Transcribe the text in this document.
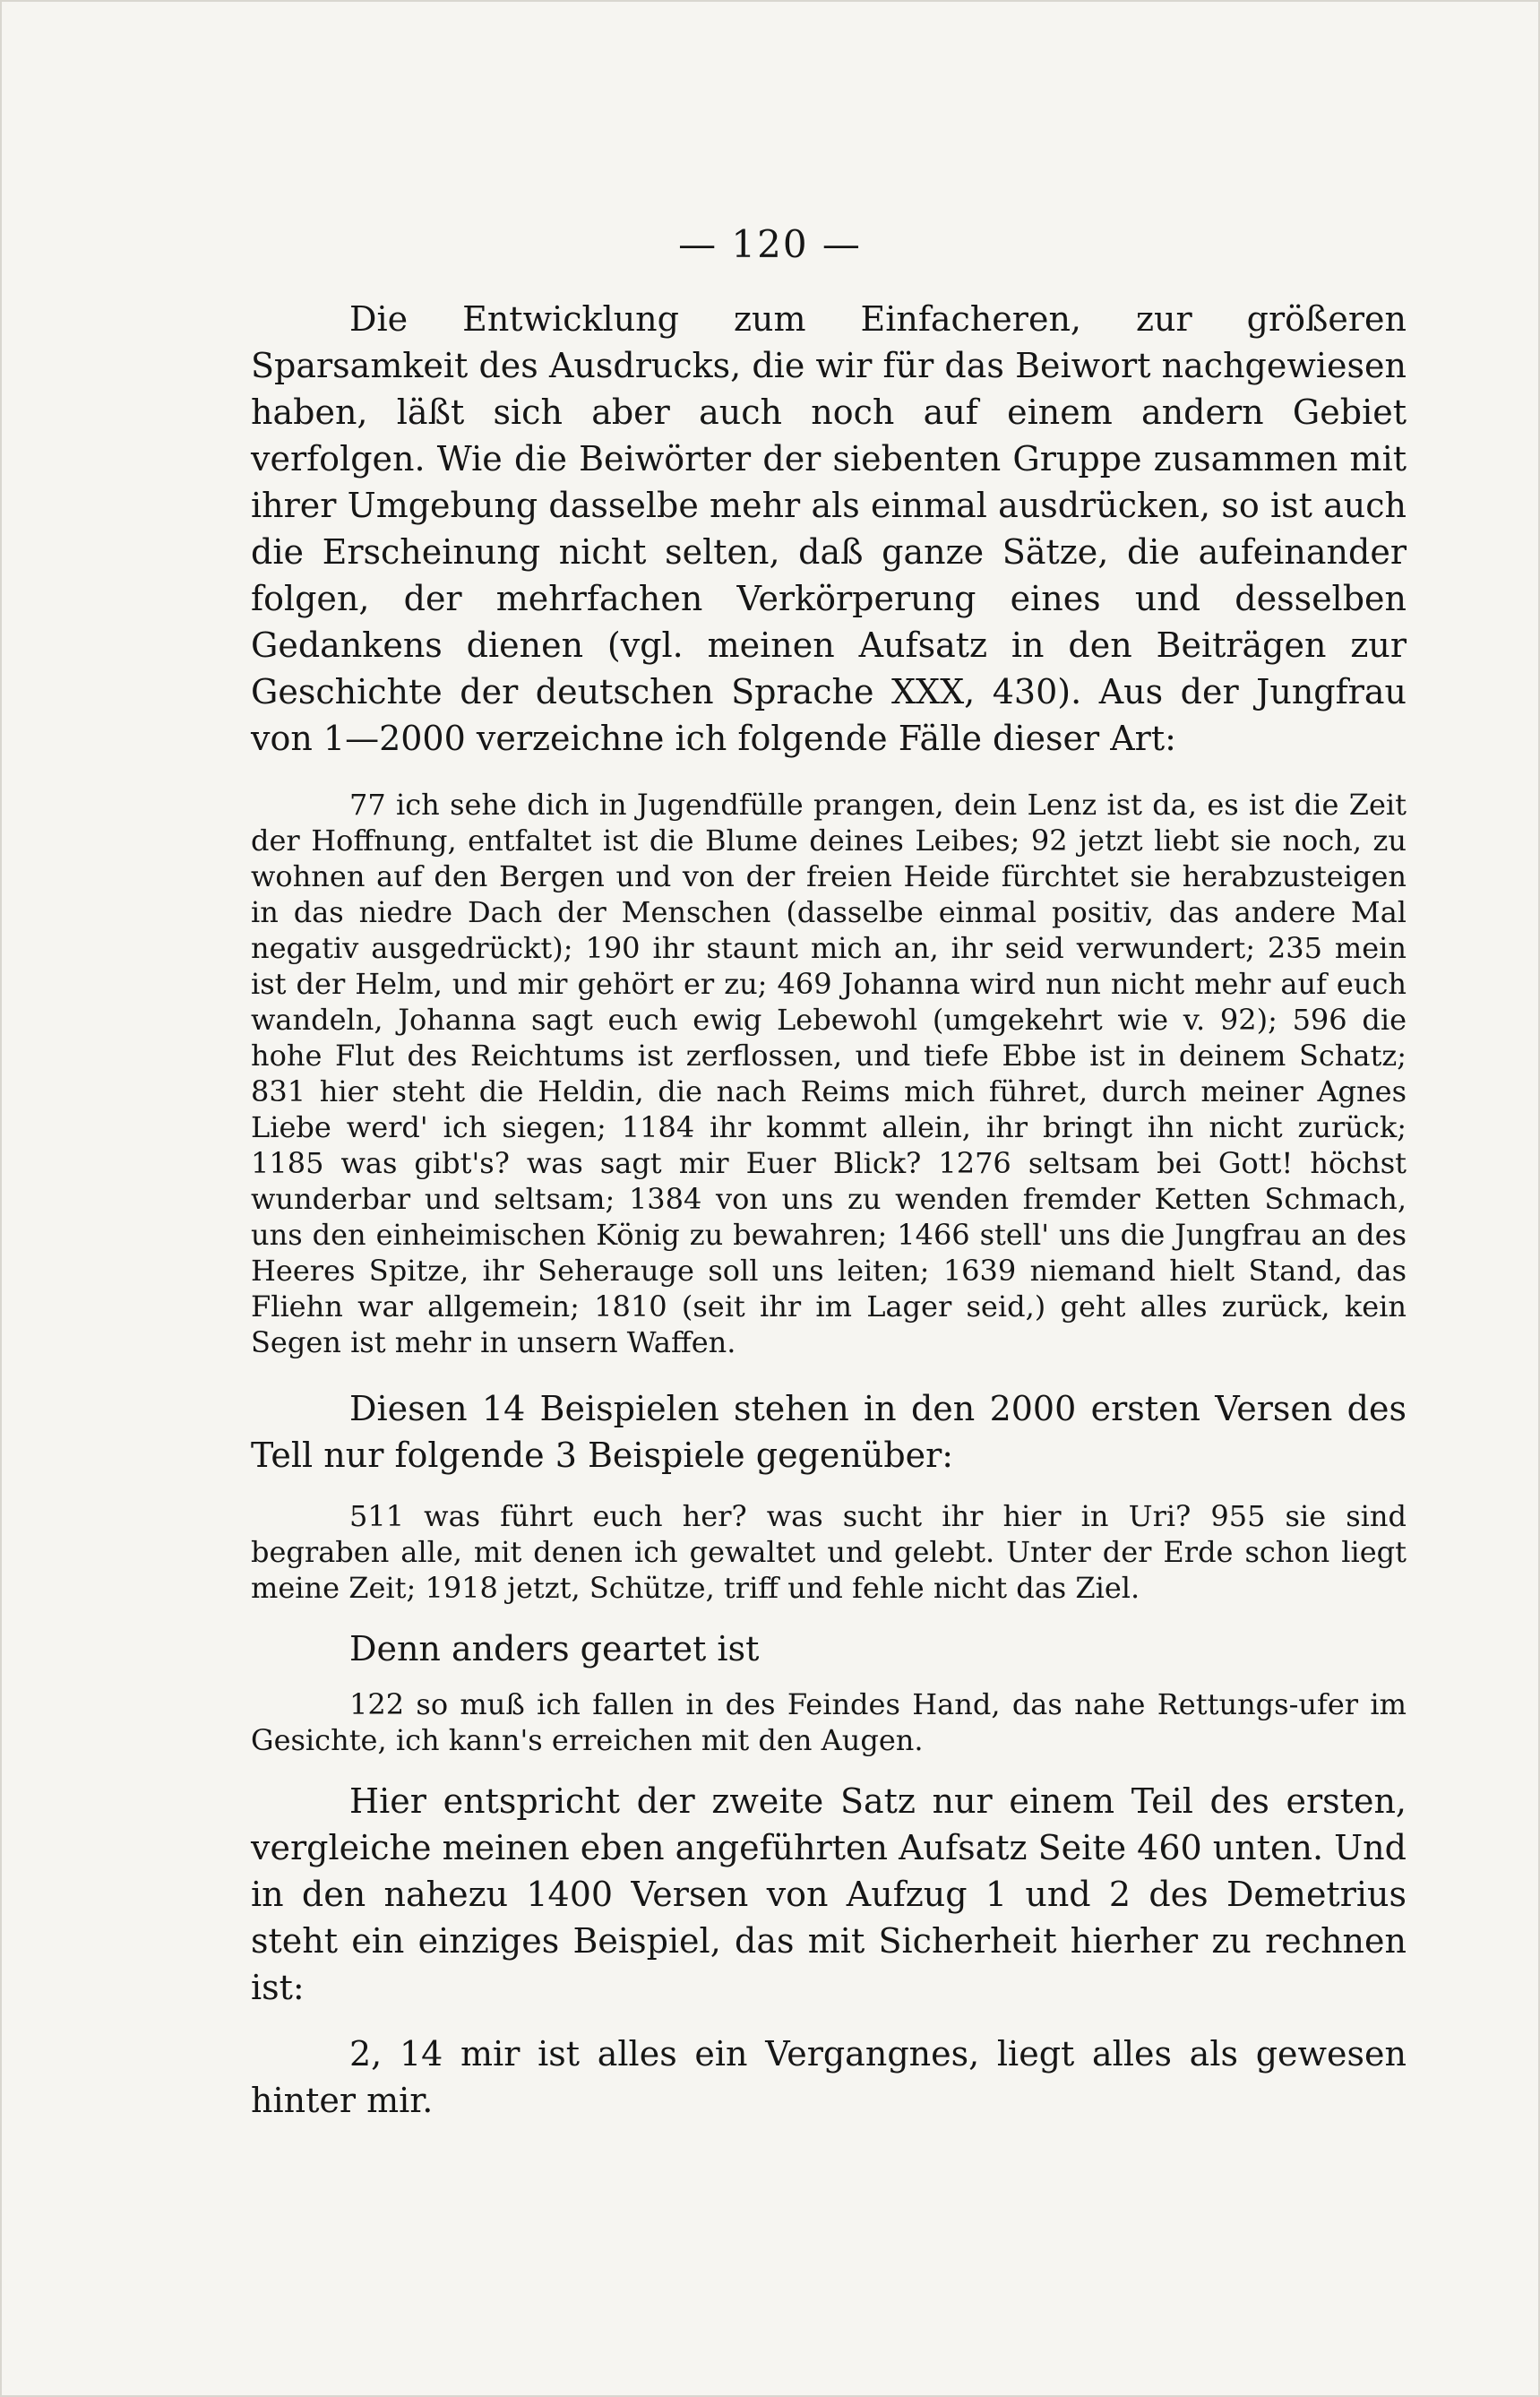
— 120 —

Die Entwicklung zum Einfacheren, zur größeren Sparsamkeit des Ausdrucks, die wir für das Beiwort nachgewiesen haben, läßt sich aber auch noch auf einem andern Gebiet verfolgen. Wie die Beiwörter der siebenten Gruppe zusammen mit ihrer Umgebung dasselbe mehr als einmal ausdrücken, so ist auch die Erscheinung nicht selten, daß ganze Sätze, die aufeinander folgen, der mehrfachen Verkörperung eines und desselben Gedankens dienen (vgl. meinen Aufsatz in den Beiträgen zur Geschichte der deutschen Sprache XXX, 430). Aus der Jungfrau von 1—2000 verzeichne ich folgende Fälle dieser Art:

77 ich sehe dich in Jugendfülle prangen, dein Lenz ist da, es ist die Zeit der Hoffnung, entfaltet ist die Blume deines Leibes; 92 jetzt liebt sie noch, zu wohnen auf den Bergen und von der freien Heide fürchtet sie herabzusteigen in das niedre Dach der Menschen (dasselbe einmal positiv, das andere Mal negativ ausgedrückt); 190 ihr staunt mich an, ihr seid verwundert; 235 mein ist der Helm, und mir gehört er zu; 469 Johanna wird nun nicht mehr auf euch wandeln, Johanna sagt euch ewig Lebewohl (umgekehrt wie v. 92); 596 die hohe Flut des Reichtums ist zerflossen, und tiefe Ebbe ist in deinem Schatz; 831 hier steht die Heldin, die nach Reims mich führet, durch meiner Agnes Liebe werd' ich siegen; 1184 ihr kommt allein, ihr bringt ihn nicht zurück; 1185 was gibt's? was sagt mir Euer Blick? 1276 seltsam bei Gott! höchst wunderbar und seltsam; 1384 von uns zu wenden fremder Ketten Schmach, uns den einheimischen König zu bewahren; 1466 stell' uns die Jungfrau an des Heeres Spitze, ihr Seherauge soll uns leiten; 1639 niemand hielt Stand, das Fliehn war allgemein; 1810 (seit ihr im Lager seid,) geht alles zurück, kein Segen ist mehr in unsern Waffen.

Diesen 14 Beispielen stehen in den 2000 ersten Versen des Tell nur folgende 3 Beispiele gegenüber:

511 was führt euch her? was sucht ihr hier in Uri? 955 sie sind begraben alle, mit denen ich gewaltet und gelebt. Unter der Erde schon liegt meine Zeit; 1918 jetzt, Schütze, triff und fehle nicht das Ziel.

Denn anders geartet ist

122 so muß ich fallen in des Feindes Hand, das nahe Rettungs-ufer im Gesichte, ich kann's erreichen mit den Augen.

Hier entspricht der zweite Satz nur einem Teil des ersten, vergleiche meinen eben angeführten Aufsatz Seite 460 unten. Und in den nahezu 1400 Versen von Aufzug 1 und 2 des Demetrius steht ein einziges Beispiel, das mit Sicherheit hierher zu rechnen ist:

2, 14 mir ist alles ein Vergangnes, liegt alles als gewesen hinter mir.
